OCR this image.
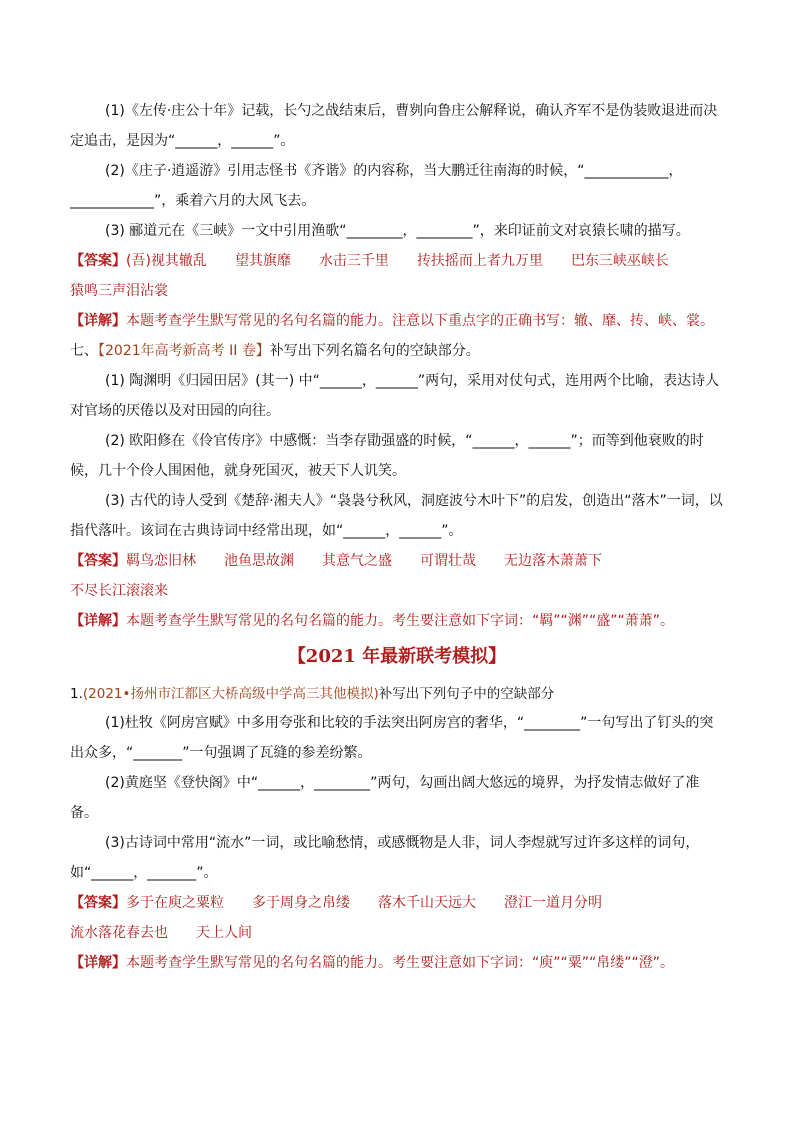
(1)《左传·庄公十年》记载，长勺之战结束后，曹刿向鲁庄公解释说，确认齐军不是伪装败退进而决定追击，是因为“______，______”。

(2)《庄子·逍遥游》引用志怪书《齐谐》的内容称，当大鹏迁往南海的时候，“____________，____________”，乘着六月的大风飞去。

(3) 郦道元在《三峡》一文中引用渔歌“________，________”，来印证前文对哀猿长啸的描写。

【答案】(吾)视其辙乱 望其旗靡 水击三千里 抟扶摇而上者九万里 巴东三峡巫峡长猿鸣三声泪沾裳

【详解】本题考查学生默写常见的名句名篇的能力。注意以下重点字的正确书写：辙、靡、抟、峡、裳。

七、【2021年高考新高考 II 卷】补写出下列名篇名句的空缺部分。

(1) 陶渊明《归园田居》(其一) 中“______，______”两句，采用对仗句式，连用两个比喻，表达诗人对官场的厌倦以及对田园的向往。

(2) 欧阳修在《伶官传序》中感慨：当李存勖强盛的时候，“______，______”；而等到他衰败的时候，几十个伶人围困他，就身死国灭，被天下人讥笑。

(3) 古代的诗人受到《楚辞·湘夫人》“袅袅兮秋风，洞庭波兮木叶下”的启发，创造出“落木”一词，以指代落叶。该词在古典诗词中经常出现，如“______，______”。

【答案】羁鸟恋旧林 池鱼思故渊 其意气之盛 可谓壮哉 无边落木萧萧下不尽长江滚滚来

【详解】本题考查学生默写常见的名句名篇的能力。考生要注意如下字词：“羁”“渊”“盛”“萧萧”。

【2021 年最新联考模拟】

1.(2021•扬州市江都区大桥高级中学高三其他模拟)补写出下列句子中的空缺部分

(1)杜牧《阿房宫赋》中多用夸张和比较的手法突出阿房宫的奢华，“________”一句写出了钉头的突出众多，“_______”一句强调了瓦缝的参差纷繁。

(2)黄庭坚《登快阁》中“______，________”两句，勾画出阔大悠远的境界，为抒发情志做好了准备。

(3)古诗词中常用“流水”一词，或比喻愁情，或感慨物是人非，词人李煜就写过许多这样的词句，如“______，_______”。

【答案】多于在庾之粟粒 多于周身之帛缕 落木千山天远大 澄江一道月分明流水落花春去也 天上人间

【详解】本题考查学生默写常见的名句名篇的能力。考生要注意如下字词：“庾”“粟”“帛缕”“澄”。
